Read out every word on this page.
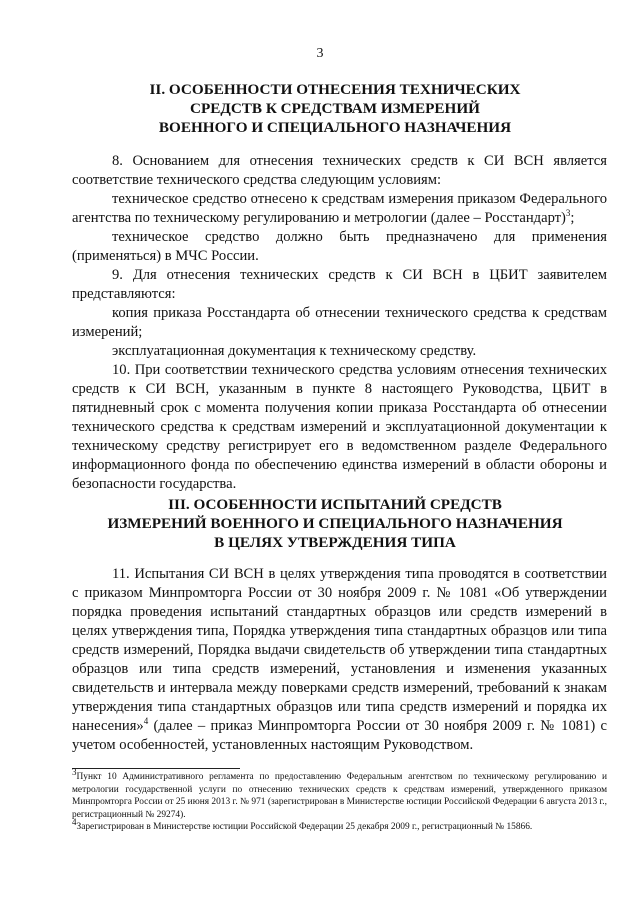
3
II. ОСОБЕННОСТИ ОТНЕСЕНИЯ ТЕХНИЧЕСКИХ
СРЕДСТВ К СРЕДСТВАМ ИЗМЕРЕНИЙ
ВОЕННОГО И СПЕЦИАЛЬНОГО НАЗНАЧЕНИЯ

8. Основанием для отнесения технических средств к СИ ВСН является соответствие технического средства следующим условиям:

техническое средство отнесено к средствам измерения приказом Федерального агентства по техническому регулированию и метрологии (далее – Росстандарт)$^3$;

техническое средство должно быть предназначено для применения (применяться) в МЧС России.

9. Для отнесения технических средств к СИ ВСН в ЦБИТ заявителем представляются:

копия приказа Росстандарта об отнесении технического средства к средствам измерений;

эксплуатационная документация к техническому средству.

10. При соответствии технического средства условиям отнесения технических средств к СИ ВСН, указанным в пункте 8 настоящего Руководства, ЦБИТ в пятидневный срок с момента получения копии приказа Росстандарта об отнесении технического средства к средствам измерений и эксплуатационной документации к техническому средству регистрирует его в ведомственном разделе Федерального информационного фонда по обеспечению единства измерений в области обороны и безопасности государства.

III. ОСОБЕННОСТИ ИСПЫТАНИЙ СРЕДСТВ
ИЗМЕРЕНИЙ ВОЕННОГО И СПЕЦИАЛЬНОГО НАЗНАЧЕНИЯ
В ЦЕЛЯХ УТВЕРЖДЕНИЯ ТИПА

11. Испытания СИ ВСН в целях утверждения типа проводятся в соответствии с приказом Минпромторга России от 30 ноября 2009 г. № 1081 «Об утверждении порядка проведения испытаний стандартных образцов или средств измерений в целях утверждения типа, Порядка утверждения типа стандартных образцов или типа средств измерений, Порядка выдачи свидетельств об утверждении типа стандартных образцов или типа средств измерений, установления и изменения указанных свидетельств и интервала между поверками средств измерений, требований к знакам утверждения типа стандартных образцов или типа средств измерений и порядка их нанесения»$^4$ (далее – приказ Минпромторга России от 30 ноября 2009 г. № 1081) с учетом особенностей, установленных настоящим Руководством.

$^3$Пункт 10 Административного регламента по предоставлению Федеральным агентством по техническому регулированию и метрологии государственной услуги по отнесению технических средств к средствам измерений, утвержденного приказом Минпромторга России от 25 июня 2013 г. № 971 (зарегистрирован в Министерстве юстиции Российской Федерации 6 августа 2013 г., регистрационный № 29274).

$^4$Зарегистрирован в Министерстве юстиции Российской Федерации 25 декабря 2009 г., регистрационный № 15866.
